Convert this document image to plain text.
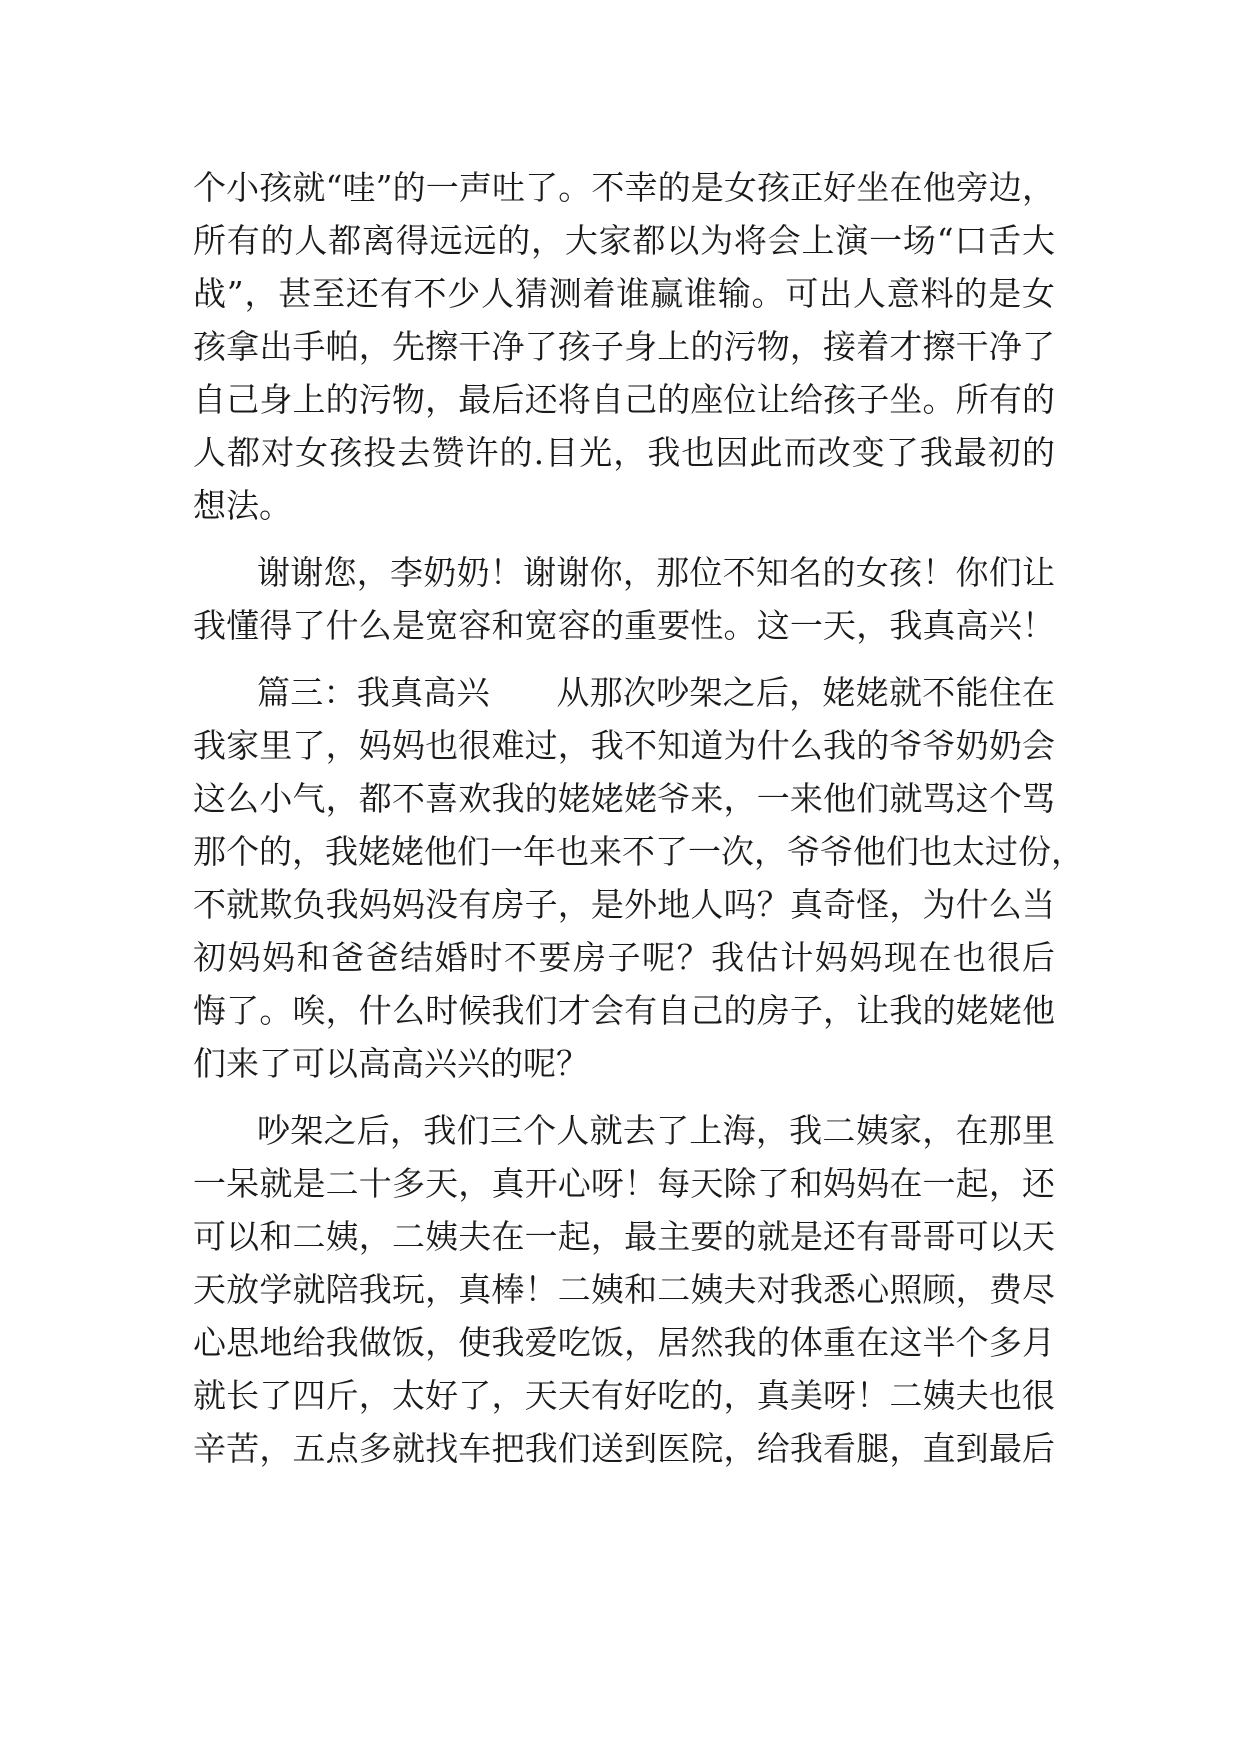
个小孩就“哇”的一声吐了。不幸的是女孩正好坐在他旁边，
所有的人都离得远远的，大家都以为将会上演一场“口舌大
战”，甚至还有不少人猜测着谁赢谁输。可出人意料的是女
孩拿出手帕，先擦干净了孩子身上的污物，接着才擦干净了
自己身上的污物，最后还将自己的座位让给孩子坐。所有的
人都对女孩投去赞许的.目光，我也因此而改变了我最初的
想法。
谢谢您，李奶奶！谢谢你，那位不知名的女孩！你们让
我懂得了什么是宽容和宽容的重要性。这一天，我真高兴！
篇三：我真高兴　　从那次吵架之后，姥姥就不能住在
我家里了，妈妈也很难过，我不知道为什么我的爷爷奶奶会
这么小气，都不喜欢我的姥姥姥爷来，一来他们就骂这个骂
那个的，我姥姥他们一年也来不了一次，爷爷他们也太过份，
不就欺负我妈妈没有房子，是外地人吗？真奇怪，为什么当
初妈妈和爸爸结婚时不要房子呢？我估计妈妈现在也很后
悔了。唉，什么时候我们才会有自己的房子，让我的姥姥他
们来了可以高高兴兴的呢？
吵架之后，我们三个人就去了上海，我二姨家，在那里
一呆就是二十多天，真开心呀！每天除了和妈妈在一起，还
可以和二姨，二姨夫在一起，最主要的就是还有哥哥可以天
天放学就陪我玩，真棒！二姨和二姨夫对我悉心照顾，费尽
心思地给我做饭，使我爱吃饭，居然我的体重在这半个多月
就长了四斤，太好了，天天有好吃的，真美呀！二姨夫也很
辛苦，五点多就找车把我们送到医院，给我看腿，直到最后
